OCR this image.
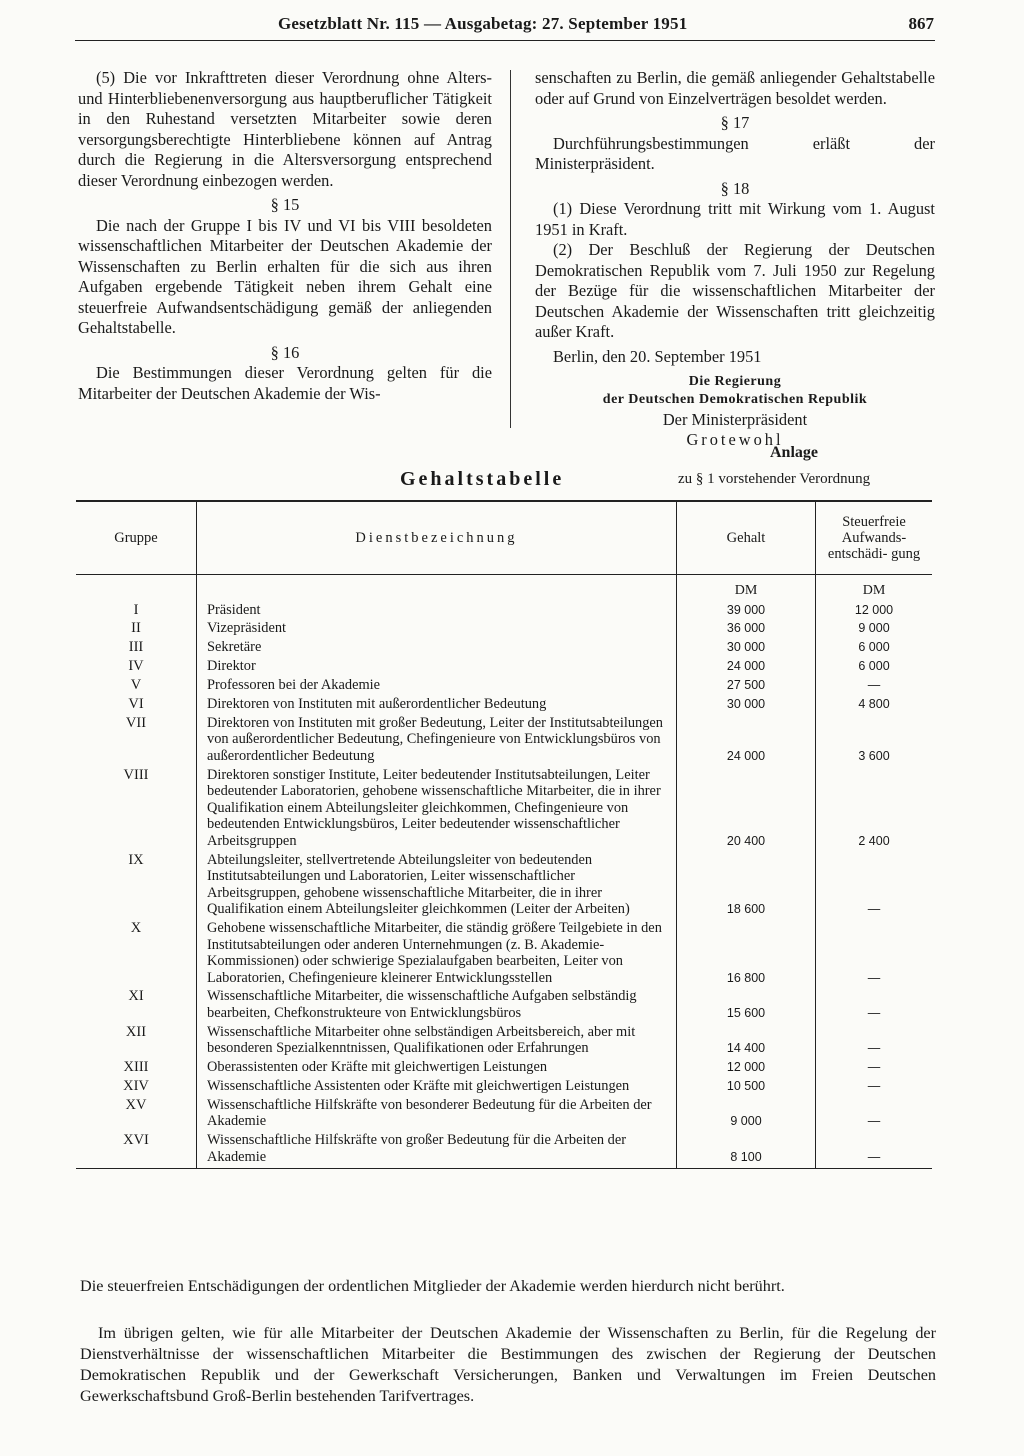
Gesetzblatt Nr. 115 — Ausgabetag: 27. September 1951	867

(5) Die vor Inkrafttreten dieser Verordnung ohne Alters- und Hinterbliebenenversorgung aus hauptberuflicher Tätigkeit in den Ruhestand versetzten Mitarbeiter sowie deren versorgungsberechtigte Hinterbliebene können auf Antrag durch die Regierung in die Altersversorgung entsprechend dieser Verordnung einbezogen werden.

§ 15

Die nach der Gruppe I bis IV und VI bis VIII besoldeten wissenschaftlichen Mitarbeiter der Deutschen Akademie der Wissenschaften zu Berlin erhalten für die sich aus ihren Aufgaben ergebende Tätigkeit neben ihrem Gehalt eine steuerfreie Aufwandsentschädigung gemäß der anliegenden Gehaltstabelle.

§ 16

Die Bestimmungen dieser Verordnung gelten für die Mitarbeiter der Deutschen Akademie der Wis-

senschaften zu Berlin, die gemäß anliegender Gehaltstabelle oder auf Grund von Einzelverträgen besoldet werden.

§ 17

Durchführungsbestimmungen erläßt der Ministerpräsident.

§ 18

(1) Diese Verordnung tritt mit Wirkung vom 1. August 1951 in Kraft.

(2) Der Beschluß der Regierung der Deutschen Demokratischen Republik vom 7. Juli 1950 zur Regelung der Bezüge für die wissenschaftlichen Mitarbeiter der Deutschen Akademie der Wissenschaften tritt gleichzeitig außer Kraft.

Berlin, den 20. September 1951

Die Regierung
der Deutschen Demokratischen Republik
Der Ministerpräsident
Grotewohl
Anlage
Gehaltstabelle	zu § 1 vorstehender Verordnung
Gruppe	Dienstbezeichnung	Gehalt	Steuerfreie Aufwands- entschädi- gung
		DM	DM
I	Präsident	39 000	12 000
II	Vizepräsident	36 000	9 000
III	Sekretäre	30 000	6 000
IV	Direktor	24 000	6 000
V	Professoren bei der Akademie	27 500	—
VI	Direktoren von Instituten mit außerordentlicher Bedeutung	30 000	4 800
VII	Direktoren von Instituten mit großer Bedeutung, Leiter der Institutsabteilungen von außerordentlicher Bedeutung, Chefingenieure von Entwicklungsbüros von außerordentlicher Bedeutung	24 000	3 600
VIII	Direktoren sonstiger Institute, Leiter bedeutender Institutsabteilungen, Leiter bedeutender Laboratorien, gehobene wissenschaftliche Mitarbeiter, die in ihrer Qualifikation einem Abteilungsleiter gleichkommen, Chefingenieure von bedeutenden Entwicklungsbüros, Leiter bedeutender wissenschaftlicher Arbeitsgruppen	20 400	2 400
IX	Abteilungsleiter, stellvertretende Abteilungsleiter von bedeutenden Institutsabteilungen und Laboratorien, Leiter wissenschaftlicher Arbeitsgruppen, gehobene wissenschaftliche Mitarbeiter, die in ihrer Qualifikation einem Abteilungsleiter gleichkommen (Leiter der Arbeiten)	18 600	—
X	Gehobene wissenschaftliche Mitarbeiter, die ständig größere Teilgebiete in den Institutsabteilungen oder anderen Unternehmungen (z. B. Akademie-Kommissionen) oder schwierige Spezialaufgaben bearbeiten, Leiter von Laboratorien, Chefingenieure kleinerer Entwicklungsstellen	16 800	—
XI	Wissenschaftliche Mitarbeiter, die wissenschaftliche Aufgaben selbständig bearbeiten, Chefkonstrukteure von Entwicklungsbüros	15 600	—
XII	Wissenschaftliche Mitarbeiter ohne selbständigen Arbeitsbereich, aber mit besonderen Spezialkenntnissen, Qualifikationen oder Erfahrungen	14 400	—
XIII	Oberassistenten oder Kräfte mit gleichwertigen Leistungen	12 000	—
XIV	Wissenschaftliche Assistenten oder Kräfte mit gleichwertigen Leistungen	10 500	—
XV	Wissenschaftliche Hilfskräfte von besonderer Bedeutung für die Arbeiten der Akademie	9 000	—
XVI	Wissenschaftliche Hilfskräfte von großer Bedeutung für die Arbeiten der Akademie	8 100	—
Die steuerfreien Entschädigungen der ordentlichen Mitglieder der Akademie werden hierdurch nicht berührt.
Im übrigen gelten, wie für alle Mitarbeiter der Deutschen Akademie der Wissenschaften zu Berlin, für die Regelung der Dienstverhältnisse der wissenschaftlichen Mitarbeiter die Bestimmungen des zwischen der Regierung der Deutschen Demokratischen Republik und der Gewerkschaft Versicherungen, Banken und Verwaltungen im Freien Deutschen Gewerkschaftsbund Groß-Berlin bestehenden Tarifvertrages.
